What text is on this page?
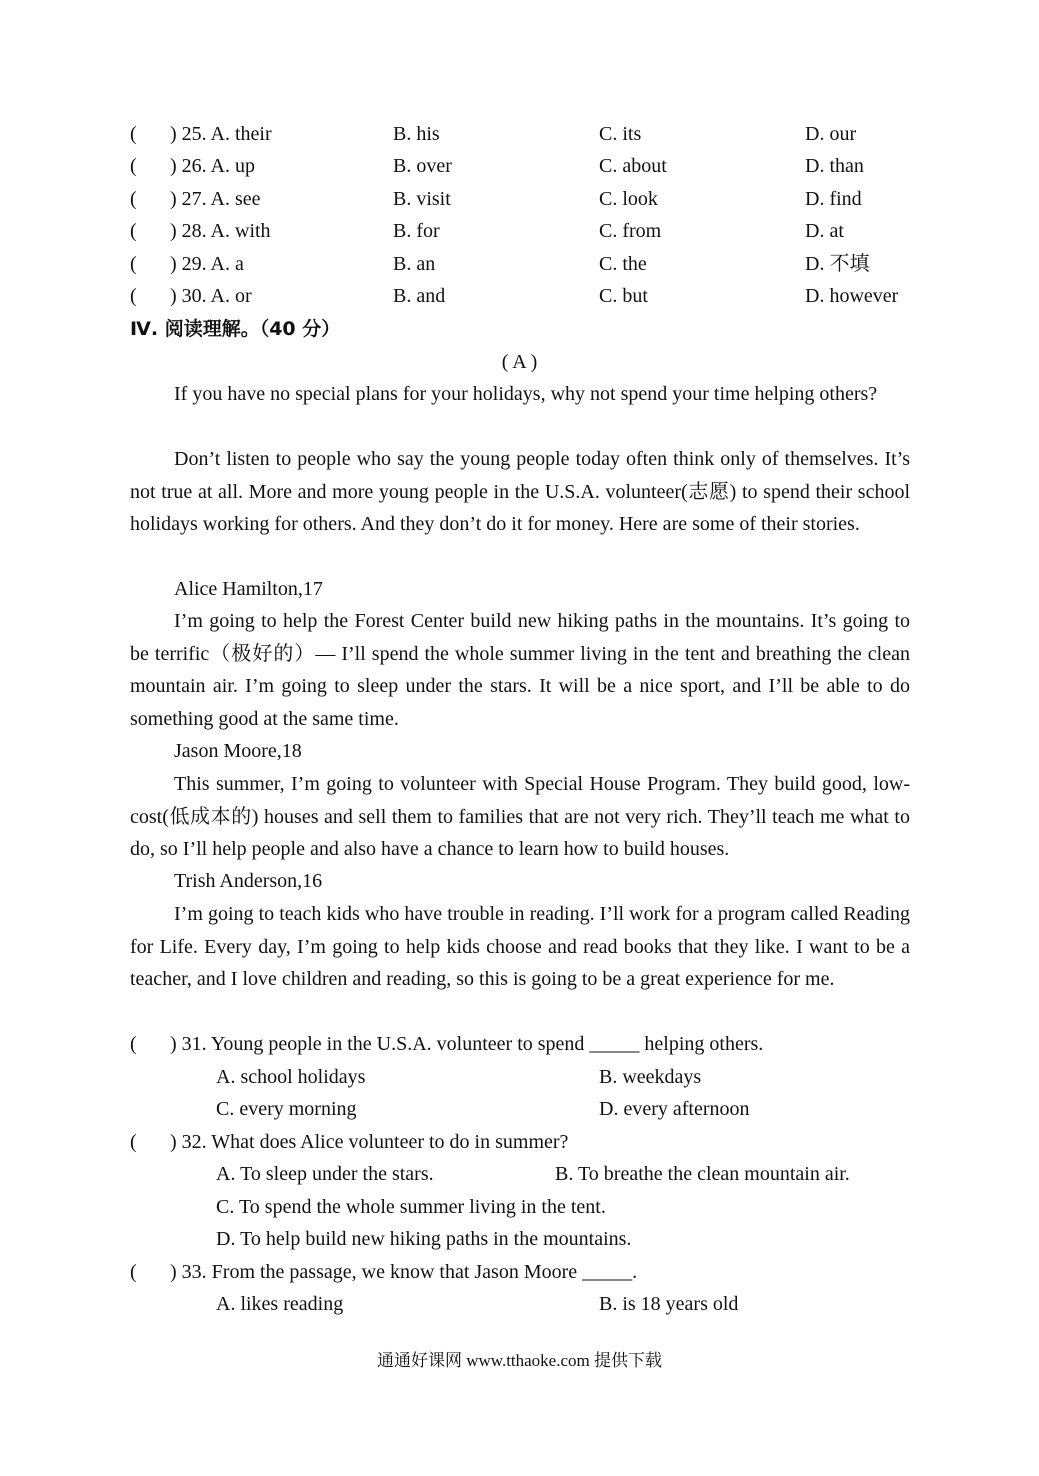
( ) 25. A. their	B. his	C. its	D. our
( ) 26. A. up	B. over	C. about	D. than
( ) 27. A. see	B. visit	C. look	D. find
( ) 28. A. with	B. for	C. from	D. at
( ) 29. A. a	B. an	C. the	D. 不填
( ) 30. A. or	B. and	C. but	D. however
Ⅳ. 阅读理解。（40 分）
( A )
If you have no special plans for your holidays, why not spend your time helping others?
Don’t listen to people who say the young people today often think only of themselves. It’s not true at all. More and more young people in the U.S.A. volunteer(志愿) to spend their school holidays working for others. And they don’t do it for money. Here are some of their stories.
Alice Hamilton,17
I’m going to help the Forest Center build new hiking paths in the mountains. It’s going to be terrific（极好的）— I’ll spend the whole summer living in the tent and breathing the clean mountain air. I’m going to sleep under the stars. It will be a nice sport, and I’ll be able to do something good at the same time.
Jason Moore,18
This summer, I’m going to volunteer with Special House Program. They build good, low-cost(低成本的) houses and sell them to families that are not very rich. They’ll teach me what to do, so I’ll help people and also have a chance to learn how to build houses.
Trish Anderson,16
I’m going to teach kids who have trouble in reading. I’ll work for a program called Reading for Life. Every day, I’m going to help kids choose and read books that they like. I want to be a teacher, and I love children and reading, so this is going to be a great experience for me.
( ) 31. Young people in the U.S.A. volunteer to spend _____ helping others.
A. school holidays	B. weekdays
C. every morning	D. every afternoon
( ) 32. What does Alice volunteer to do in summer?
A. To sleep under the stars.	B. To breathe the clean mountain air.
C. To spend the whole summer living in the tent.
D. To help build new hiking paths in the mountains.
( ) 33. From the passage, we know that Jason Moore _____.
A. likes reading	B. is 18 years old
通通好课网 www.tthaoke.com 提供下载
